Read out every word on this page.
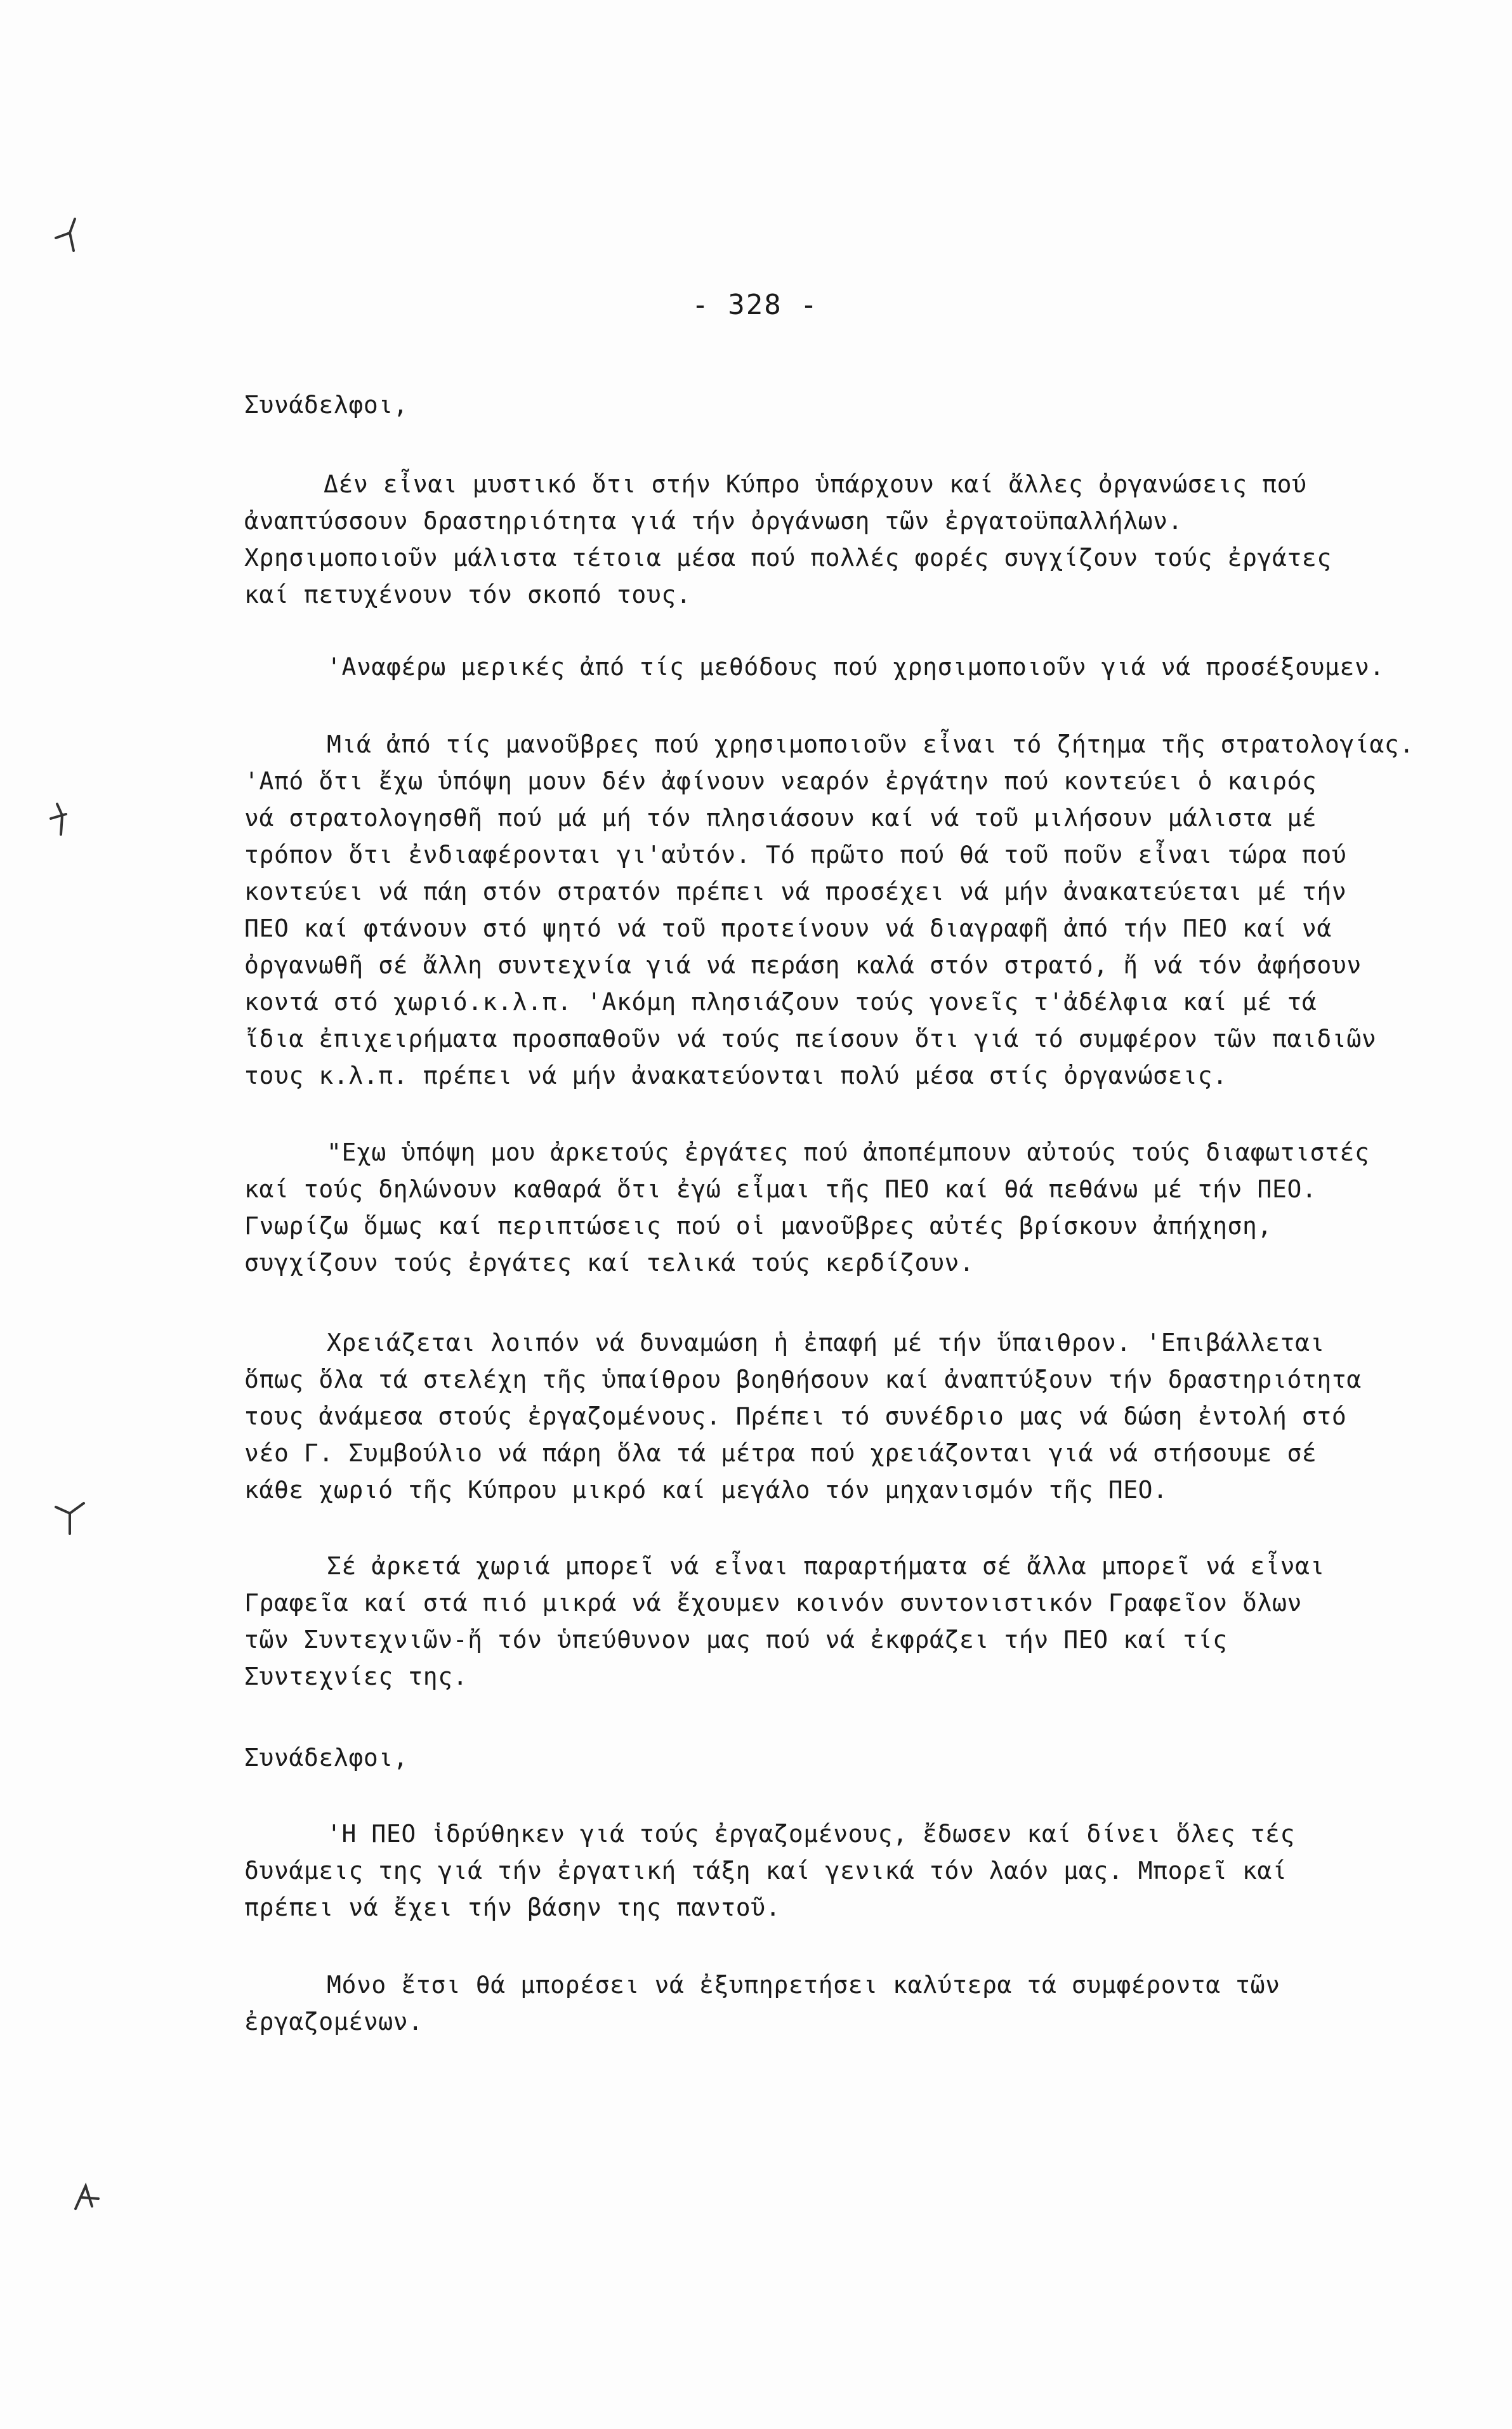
- 328 -
Συνάδελφοι,
Δέν εἶναι μυστικό ὅτι στήν Κύπρο ὑπάρχουν καί ἄλλες ὀργανώσεις πού
ἀναπτύσσουν δραστηριότητα γιά τήν ὀργάνωση τῶν ἐργατοϋπαλλήλων.
Χρησιμοποιοῦν μάλιστα τέτοια μέσα πού πολλές φορές συγχίζουν τούς ἐργάτες
καί πετυχένουν τόν σκοπό τους.
'Αναφέρω μερικές ἀπό τίς μεθόδους πού χρησιμοποιοῦν γιά νά προσέξουμεν.
Μιά ἀπό τίς μανοῦβρες πού χρησιμοποιοῦν εἶναι τό ζήτημα τῆς στρατολογίας.
'Από ὅτι ἔχω ὑπόψη μουν δέν ἀφίνουν νεαρόν ἐργάτην πού κοντεύει ὁ καιρός
νά στρατολογησθῆ πού μά μή τόν πλησιάσουν καί νά τοῦ μιλήσουν μάλιστα μέ
τρόπον ὅτι ἐνδιαφέρονται γι'αὐτόν. Τό πρῶτο πού θά τοῦ ποῦν εἶναι τώρα πού
κοντεύει νά πάη στόν στρατόν πρέπει νά προσέχει νά μήν ἀνακατεύεται μέ τήν
ΠΕΟ καί φτάνουν στό ψητό νά τοῦ προτείνουν νά διαγραφῆ ἀπό τήν ΠΕΟ καί νά
ὀργανωθῆ σέ ἄλλη συντεχνία γιά νά περάση καλά στόν στρατό, ἤ νά τόν ἀφήσουν
κοντά στό χωριό.κ.λ.π. 'Ακόμη πλησιάζουν τούς γονεῖς τ'ἀδέλφια καί μέ τά
ἴδια ἐπιχειρήματα προσπαθοῦν νά τούς πείσουν ὅτι γιά τό συμφέρον τῶν παιδιῶν
τους κ.λ.π. πρέπει νά μήν ἀνακατεύονται πολύ μέσα στίς ὀργανώσεις.
"Εχω ὑπόψη μου ἀρκετούς ἐργάτες πού ἀποπέμπουν αὐτούς τούς διαφωτιστές
καί τούς δηλώνουν καθαρά ὅτι ἐγώ εἶμαι τῆς ΠΕΟ καί θά πεθάνω μέ τήν ΠΕΟ.
Γνωρίζω ὅμως καί περιπτώσεις πού οἱ μανοῦβρες αὐτές βρίσκουν ἀπήχηση,
συγχίζουν τούς ἐργάτες καί τελικά τούς κερδίζουν.
Χρειάζεται λοιπόν νά δυναμώση ἡ ἐπαφή μέ τήν ὕπαιθρον. 'Επιβάλλεται
ὅπως ὅλα τά στελέχη τῆς ὑπαίθρου βοηθήσουν καί ἀναπτύξουν τήν δραστηριότητα
τους ἀνάμεσα στούς ἐργαζομένους. Πρέπει τό συνέδριο μας νά δώση ἐντολή στό
νέο Γ. Συμβούλιο νά πάρη ὅλα τά μέτρα πού χρειάζονται γιά νά στήσουμε σέ
κάθε χωριό τῆς Κύπρου μικρό καί μεγάλο τόν μηχανισμόν τῆς ΠΕΟ.
Σέ ἀρκετά χωριά μπορεῖ νά εἶναι παραρτήματα σέ ἄλλα μπορεῖ νά εἶναι
Γραφεῖα καί στά πιό μικρά νά ἔχουμεν κοινόν συντονιστικόν Γραφεῖον ὅλων
τῶν Συντεχνιῶν-ἤ τόν ὑπεύθυνον μας πού νά ἐκφράζει τήν ΠΕΟ καί τίς
Συντεχνίες της.
Συνάδελφοι,
'Η ΠΕΟ ἱδρύθηκεν γιά τούς ἐργαζομένους, ἔδωσεν καί δίνει ὅλες τές
δυνάμεις της γιά τήν ἐργατική τάξη καί γενικά τόν λαόν μας. Μπορεῖ καί
πρέπει νά ἔχει τήν βάσην της παντοῦ.
Μόνο ἔτσι θά μπορέσει νά ἐξυπηρετήσει καλύτερα τά συμφέροντα τῶν
ἐργαζομένων.
